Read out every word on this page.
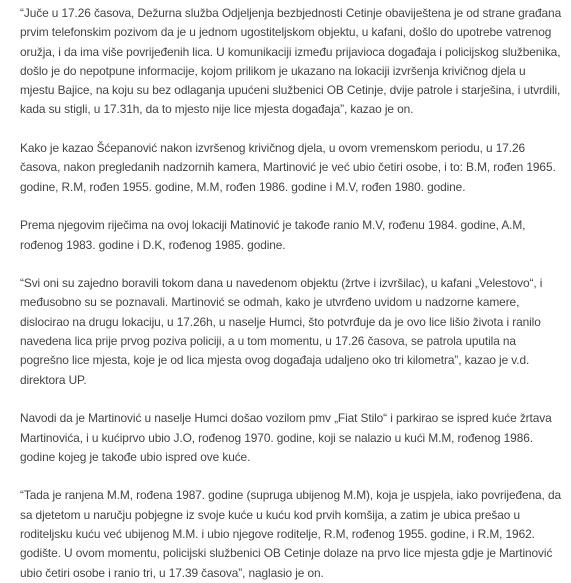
“Juče u 17.26 časova, Dežurna služba Odjeljenja bezbjednosti Cetinje obaviještena je od strane građana prvim telefonskim pozivom da je u jednom ugostiteljskom objektu, u kafani, došlo do upotrebe vatrenog oružja, i da ima više povrijeđenih lica. U komunikaciji između prijavioca događaja i policijskog službenika, došlo je do nepotpune informacije, kojom prilikom je ukazano na lokaciji izvršenja krivičnog djela u mjestu Bajice, na koju su bez odlaganja upućeni službenici OB Cetinje, dvije patrole i starješina, i utvrdili, kada su stigli, u 17.31h, da to mjesto nije lice mjesta događaja”, kazao je on.

Kako je kazao Šćepanović nakon izvršenog krivičnog djela, u ovom vremenskom periodu, u 17.26 časova, nakon pregledanih nadzornih kamera, Martinović je već ubio četiri osobe, i to: B.M, rođen 1965. godine, R.M, rođen 1955. godine, M.M, rođen 1986. godine i M.V, rođen 1980. godine.

Prema njegovim riječima na ovoj lokaciji Matinović je takođe ranio M.V, rođenu 1984. godine, A.M, rođenog 1983. godine i D.K, rođenog 1985. godine.

“Svi oni su zajedno boravili tokom dana u navedenom objektu (žrtve i izvršilac), u kafani „Velestovo“, i međusobno su se poznavali. Martinović se odmah, kako je utvrđeno uvidom u nadzorne kamere, dislocirao na drugu lokaciju, u 17.26h, u naselje Humci, što potvrđuje da je ovo lice lišio života i ranilo navedena lica prije prvog poziva policiji, a u tom momentu, u 17.26 časova, se patrola uputila na pogrešno lice mjesta, koje je od lica mjesta ovog događaja udaljeno oko tri kilometra”, kazao je v.d. direktora UP.

Navodi da je Martinović u naselje Humci došao vozilom pmv „Fiat Stilo“ i parkirao se ispred kuće žrtava Martinovića, i u kućiprvo ubio J.O, rođenog 1970. godine, koji se nalazio u kući M.M, rođenog 1986. godine kojeg je takođe ubio ispred ove kuće.

“Tada je ranjena M.M, rođena 1987. godine (supruga ubijenog M.M), koja je uspjela, iako povrijeđena, da sa djetetom u naručju pobjegne iz svoje kuće u kuću kod prvih komšija, a zatim je ubica prešao u roditeljsku kuću već ubijenog M.M. i ubio njegove roditelje, R.M, rođenog 1955. godine, i R.M, 1962. godište. U ovom momentu, policijski službenici OB Cetinje dolaze na prvo lice mjesta gdje je Martinović ubio četiri osobe i ranio tri, u 17.39 časova”, naglasio je on.
